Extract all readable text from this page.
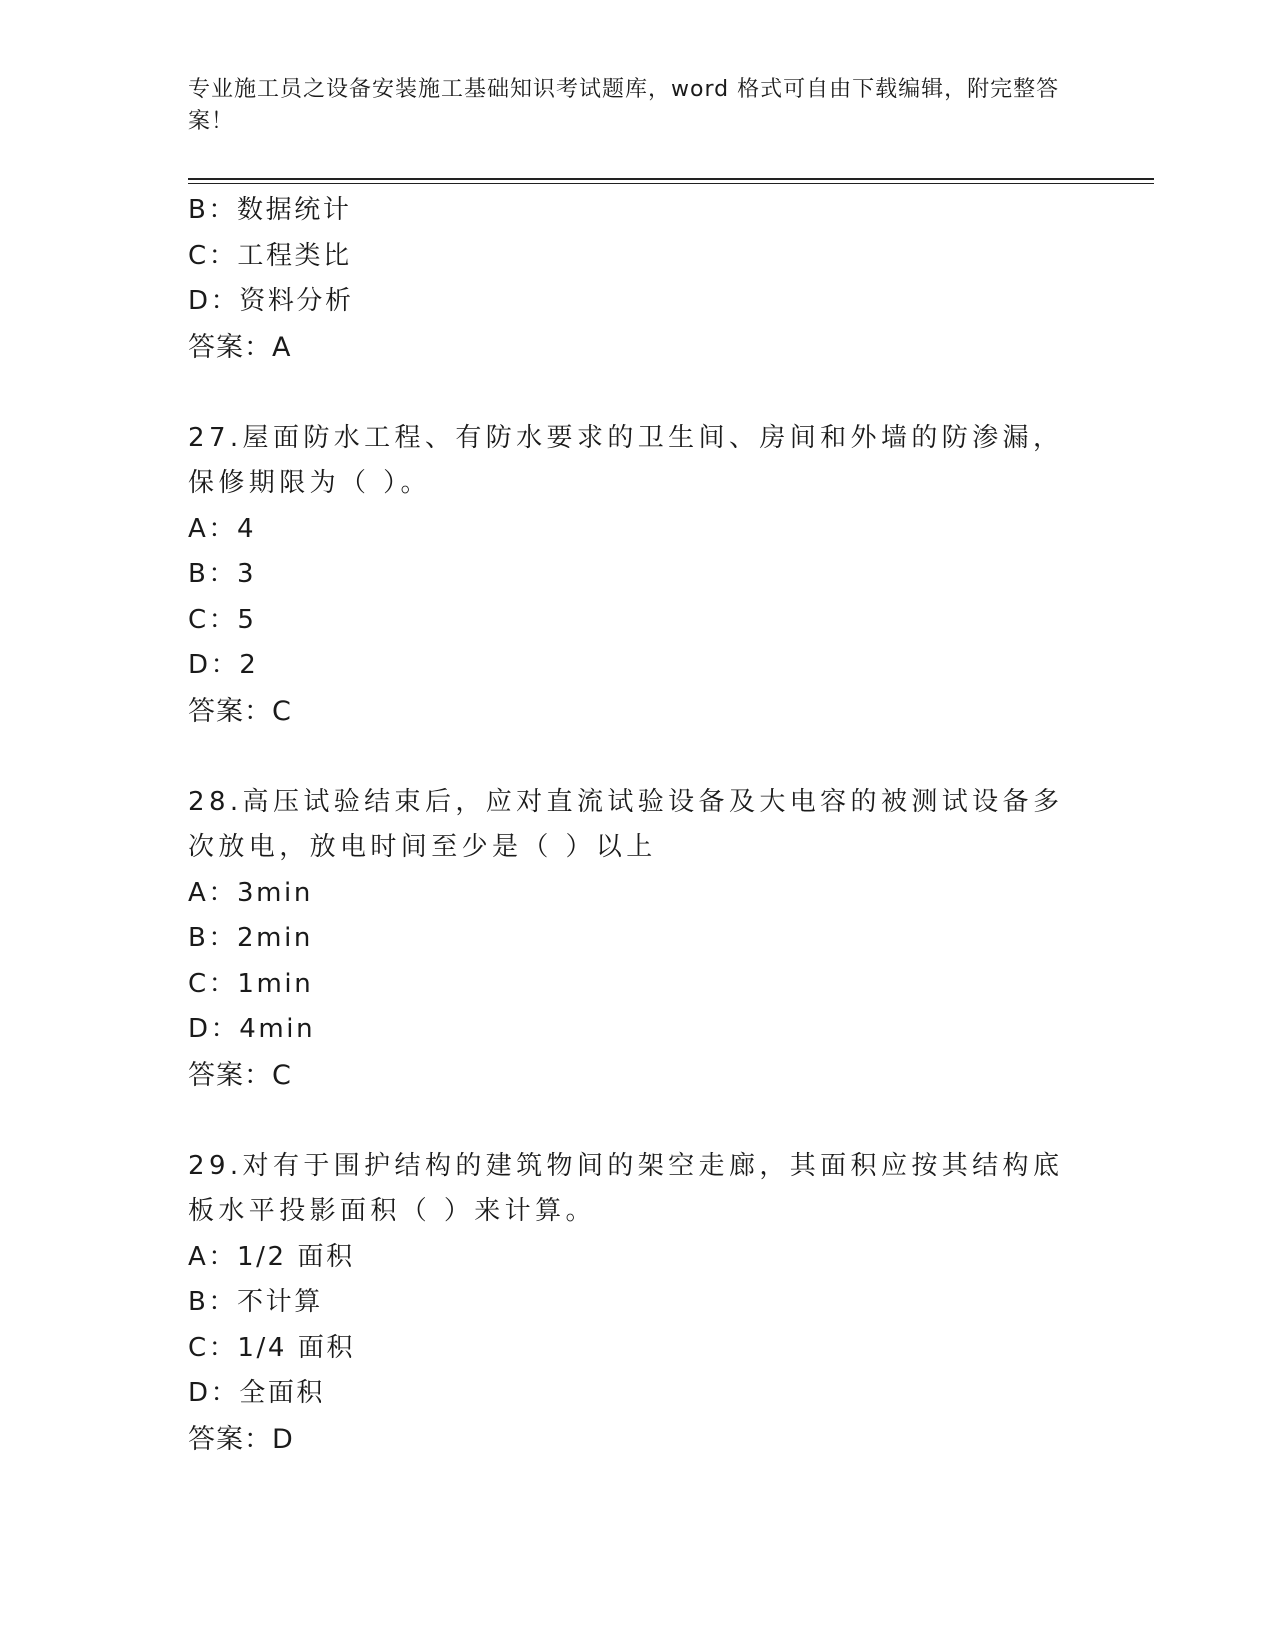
专业施工员之设备安装施工基础知识考试题库，word 格式可自由下载编辑，附完整答案！
B：数据统计
C：工程类比
D：资料分析
答案：A
27.屋面防水工程、有防水要求的卫生间、房间和外墙的防渗漏，保修期限为（ ）。
A：4
B：3
C：5
D：2
答案：C
28.高压试验结束后，应对直流试验设备及大电容的被测试设备多次放电，放电时间至少是（ ）以上
A：3min
B：2min
C：1min
D：4min
答案：C
29.对有于围护结构的建筑物间的架空走廊，其面积应按其结构底板水平投影面积（ ）来计算。
A：1/2 面积
B：不计算
C：1/4 面积
D：全面积
答案：D
